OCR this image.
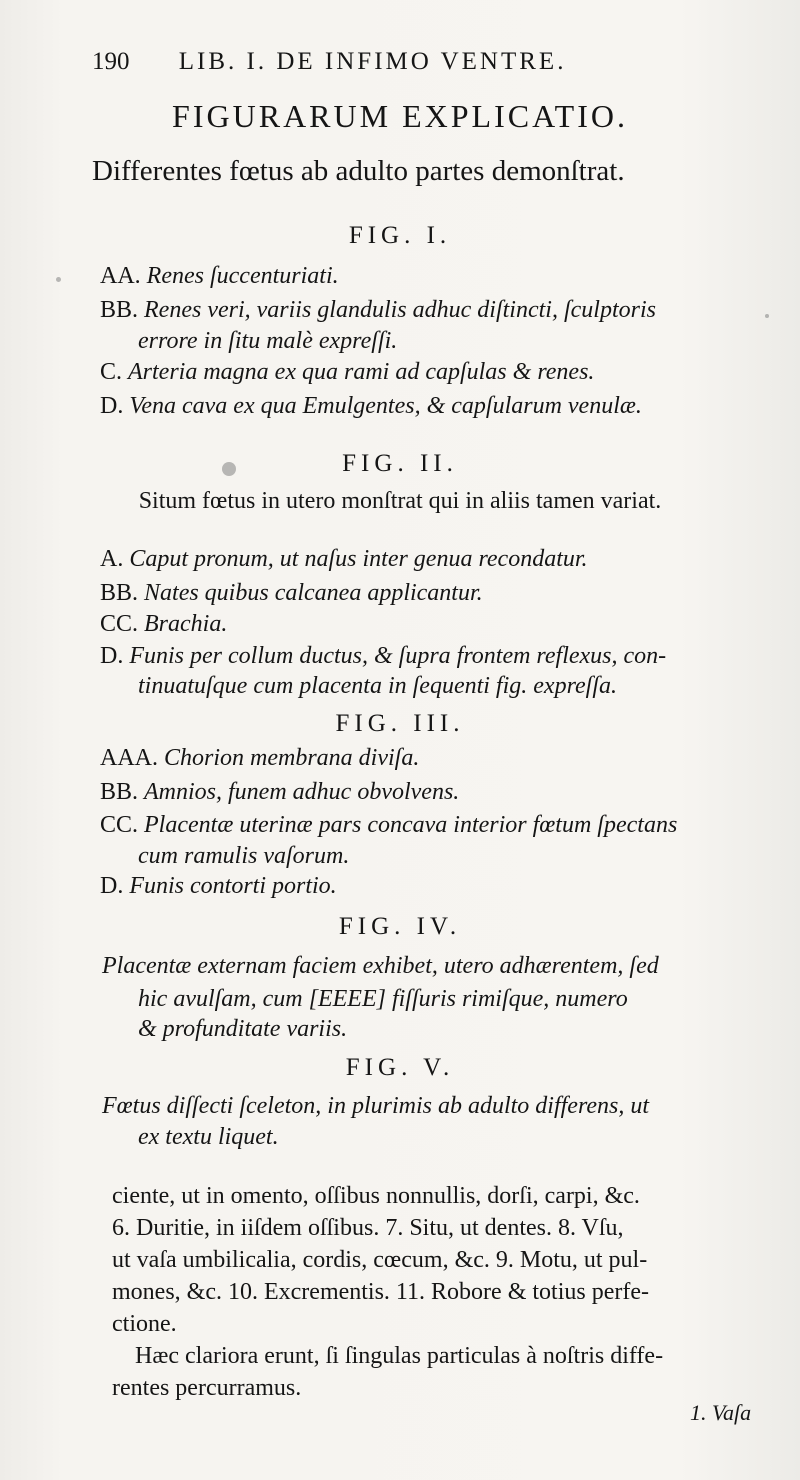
190 LIB. I. DE INFIMO VENTRE.
FIGURARUM EXPLICATIO.
Differentes fœtus ab adulto partes demonſtrat.
FIG. I.
AA. Renes ſuccenturiati.
BB. Renes veri, variis glandulis adhuc diſtincti, ſculptoris
errore in ſitu malè expreſſi.
C. Arteria magna ex qua rami ad capſulas & renes.
D. Vena cava ex qua Emulgentes, & capſularum venulæ.
FIG. II.
Situm fœtus in utero monſtrat qui in aliis tamen variat.
A. Caput pronum, ut naſus inter genua recondatur.
BB. Nates quibus calcanea applicantur.
CC. Brachia.
D. Funis per collum ductus, & ſupra frontem reflexus, con-
tinuatuſque cum placenta in ſequenti fig. expreſſa.
FIG. III.
AAA. Chorion membrana diviſa.
BB. Amnios, funem adhuc obvolvens.
CC. Placentæ uterinæ pars concava interior fœtum ſpectans
cum ramulis vaſorum.
D. Funis contorti portio.
FIG. IV.
Placentæ externam faciem exhibet, utero adhærentem, ſed
hic avulſam, cum [EEEE] fiſſuris rimiſque, numero
& profunditate variis.
FIG. V.
Fœtus diſſecti ſceleton, in plurimis ab adulto differens, ut
ex textu liquet.
ciente, ut in omento, oſſibus nonnullis, dorſi, carpi, &c.
6. Duritie, in iiſdem oſſibus. 7. Situ, ut dentes. 8. Vſu,
ut vaſa umbilicalia, cordis, cœcum, &c. 9. Motu, ut pul-
mones, &c. 10. Excrementis. 11. Robore & totius perfe-
ctione.
Hæc clariora erunt, ſi ſingulas particulas à noſtris diffe-
rentes percurramus.
1. Vaſa
